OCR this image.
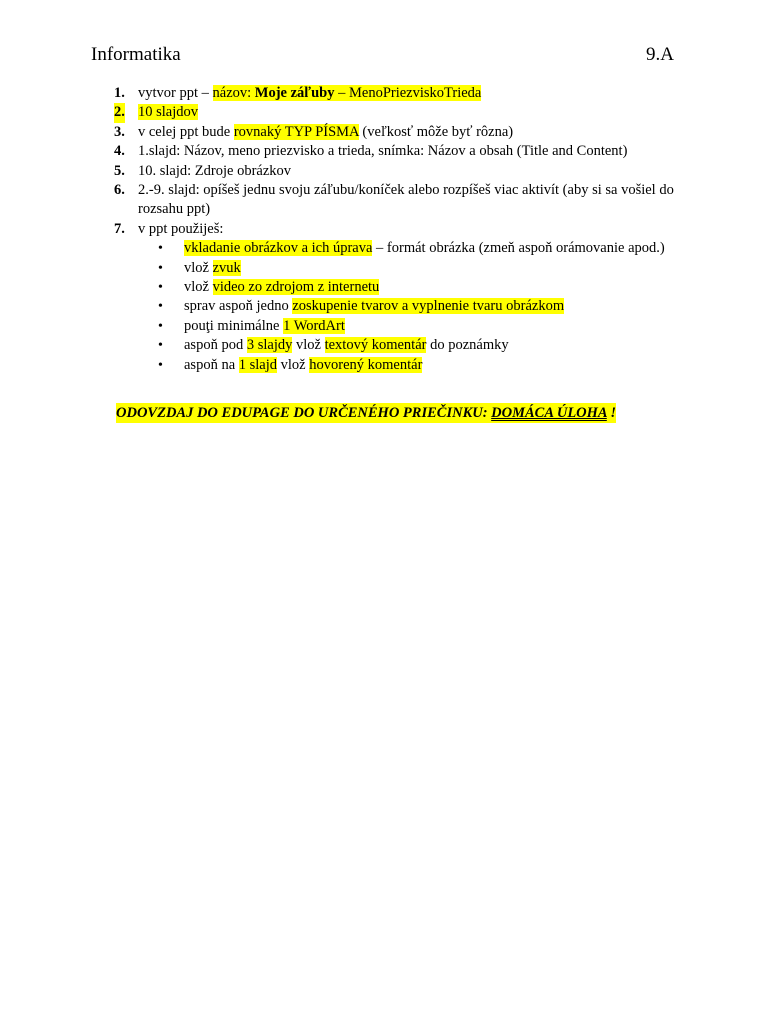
Informatika	9.A
1. vytvor ppt – názov: Moje záľuby – MenoPriezviskoTrieda
2. 10 slajdov
3. v celej ppt bude rovnaký TYP PÍSMA (veľkosť môže byť rôzna)
4. 1.slajd: Názov, meno priezvisko a trieda, snímka: Názov a obsah (Title and Content)
5. 10. slajd: Zdroje obrázkov
6. 2.-9. slajd: opíšeš jednu svoju záľubu/koníček alebo rozpíšeš viac aktivít (aby si sa vošiel do rozsahu ppt)
7. v ppt použiješ:
• vkladanie obrázkov a ich úprava – formát obrázka (zmeň aspoň orámovanie apod.)
• vlož zvuk
• vlož video zo zdrojom z internetu
• sprav aspoň jedno zoskupenie tvarov a vyplnenie tvaru obrázkom
• pouţi minimálne 1 WordArt
• aspoň pod 3 slajdy vlož textový komentár do poznámky
• aspoň na 1 slajd vlož hovorený komentár
ODOVZDAJ DO EDUPAGE DO URČENÉHO PRIEČINKU: DOMÁCA ÚLOHA !
